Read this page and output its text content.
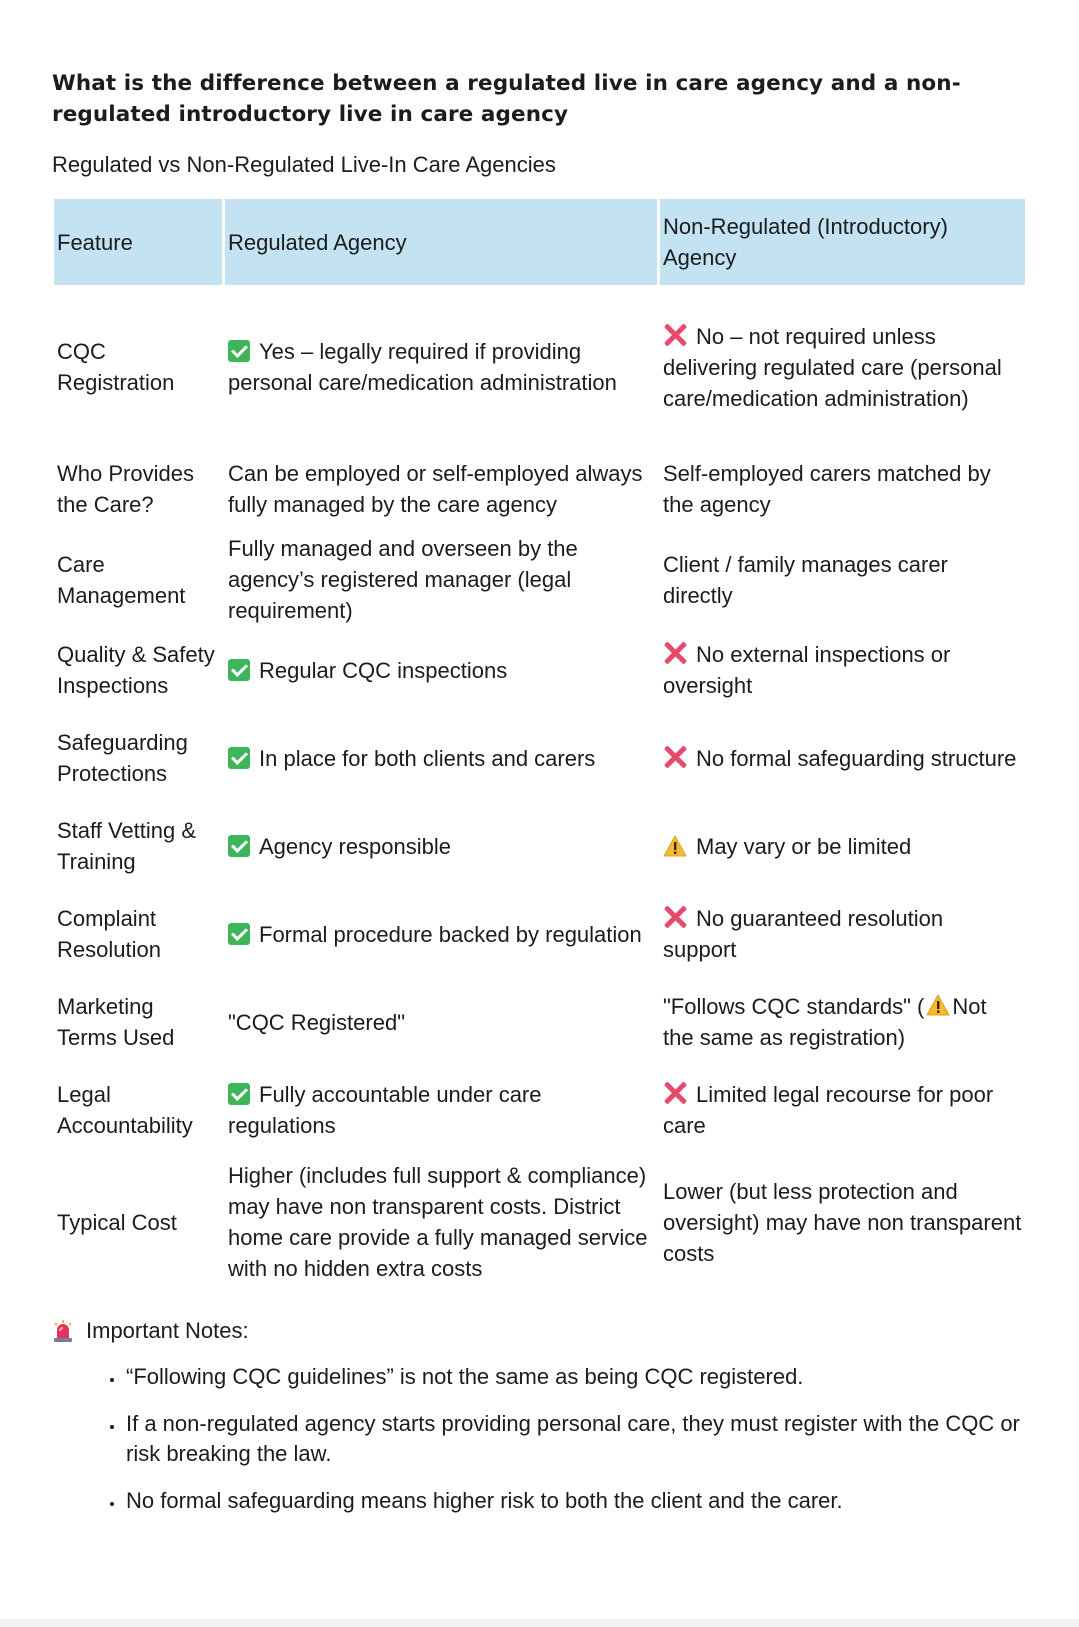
What is the difference between a regulated live in care agency and a non-regulated introductory live in care agency

Regulated vs Non-Regulated Live-In Care Agencies

Feature	Regulated Agency	Non-Regulated (Introductory) Agency
CQC Registration	Yes – legally required if providing personal care/medication administration	No – not required unless delivering regulated care (personal care/medication administration)
Who Provides the Care?	Can be employed or self-employed always fully managed by the care agency	Self-employed carers matched by the agency
Care Management	Fully managed and overseen by the agency’s registered manager (legal requirement)	Client / family manages carer directly
Quality & Safety Inspections	Regular CQC inspections	No external inspections or oversight
Safeguarding Protections	In place for both clients and carers	No formal safeguarding structure
Staff Vetting & Training	Agency responsible	May vary or be limited
Complaint Resolution	Formal procedure backed by regulation	No guaranteed resolution support
Marketing Terms Used	"CQC Registered"	"Follows CQC standards" ( Not the same as registration)
Legal Accountability	Fully accountable under care regulations	Limited legal recourse for poor care
Typical Cost	Higher (includes full support & compliance) may have non transparent costs. District home care provide a fully managed service with no hidden extra costs	Lower (but less protection and oversight) may have non transparent costs
Important Notes:
• “Following CQC guidelines” is not the same as being CQC registered.
• If a non-regulated agency starts providing personal care, they must register with the CQC or risk breaking the law.
• No formal safeguarding means higher risk to both the client and the carer.
